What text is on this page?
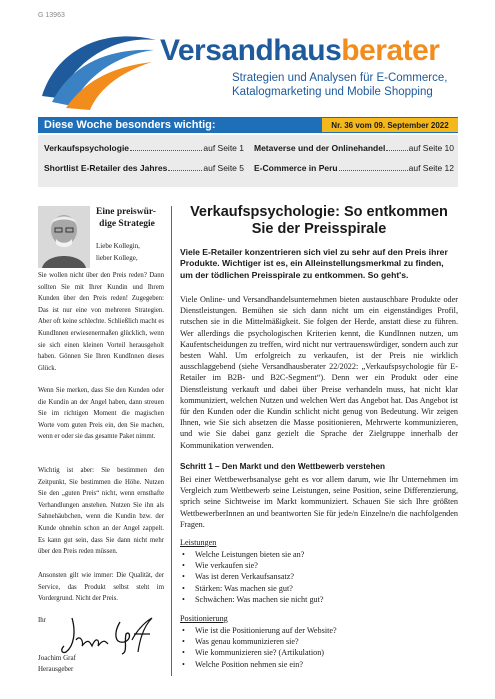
G 13963
Versandhausberater
Strategien und Analysen für E-Commerce,
Katalogmarketing und Mobile Shopping
Diese Woche besonders wichtig:	Nr. 36 vom 09. September 2022
Verkaufspsychologie	auf Seite 1 Metaverse und der Onlinehandel	auf Seite 10
Shortlist E-Retailer des Jahres	auf Seite 5 E-Commerce in Peru	auf Seite 12
Eine preiswür-
dige Strategie
Liebe Kollegin,
lieber Kollege,
Sie wollen nicht über den Preis reden? Dann sollten Sie mit Ihrer Kundin und Ihrem Kunden über den Preis reden! Zugegeben: Das ist nur eine von mehreren Strategien. Aber oft keine schlechte. Schließlich macht es KundInnen erwiesenermaßen glücklich, wenn sie sich einen kleinen Vorteil herausgeholt haben. Gönnen Sie Ihren KundInnen dieses Glück.
Wenn Sie merken, dass Sie den Kunden oder die Kundin an der Angel haben, dann streuen Sie im richtigen Moment die magischen Worte vom guten Preis ein, den Sie machen, wenn er oder sie das gesamte Paket nimmt.
Wichtig ist aber: Sie bestimmen den Zeitpunkt, Sie bestimmen die Höhe. Nutzen Sie den „guten Preis“ nicht, wenn ernsthafte Verhandlungen anstehen. Nutzen Sie ihn als Sahnehäubchen, wenn die Kundin bzw. der Kunde ohnehin schon an der Angel zappelt. Es kann gut sein, dass Sie dann nicht mehr über den Preis reden müssen.
Ansonsten gilt wie immer: Die Qualität, der Service, das Produkt selbst steht im Vordergrund. Nicht der Preis.
Ihr
Joachim Graf
Herausgeber
Verkaufspsychologie: So entkommen
Sie der Preisspirale
Viele E-Retailer konzentrieren sich viel zu sehr auf den Preis ihrer Produkte. Wichtiger ist es, ein Alleinstellungsmerkmal zu finden, um der tödlichen Preisspirale zu entkommen. So geht's.
Viele Online- und Versandhandelsunternehmen bieten austauschbare Produkte oder Dienstleistungen. Bemühen sie sich dann nicht um ein eigenständiges Profil, rutschen sie in die Mittelmäßigkeit. Sie folgen der Herde, anstatt diese zu führen. Wer allerdings die psychologischen Kriterien kennt, die KundInnen nutzen, um Kaufentscheidungen zu treffen, wird nicht nur vertrauenswürdiger, sondern auch zur besten Wahl. Um erfolgreich zu verkaufen, ist der Preis nie wirklich ausschlaggebend (siehe Versandhausberater 22/2022: „Verkaufspsychologie für E-Retailer im B2B- und B2C-Segment“). Denn wer ein Produkt oder eine Dienstleistung verkauft und dabei über Preise verhandeln muss, hat nicht klar kommuniziert, welchen Nutzen und welchen Wert das Angebot hat. Das Angebot ist für den Kunden oder die Kundin schlicht nicht genug von Bedeutung. Wir zeigen Ihnen, wie Sie sich absetzen die Masse positionieren, Mehrwerte kommunizieren, und wie Sie dabei ganz gezielt die Sprache der Zielgruppe innerhalb der Kommunikation verwenden.
Schritt 1 – Den Markt und den Wettbewerb verstehen
Bei einer Wettbewerbsanalyse geht es vor allem darum, wie Ihr Unternehmen im Vergleich zum Wettbewerb seine Leistungen, seine Position, seine Differenzierung, sprich seine Sichtweise im Markt kommuniziert. Schauen Sie sich Ihre größten WettbewerberInnen an und beantworten Sie für jede/n Einzelne/n die nachfolgenden Fragen.
Leistungen
• Welche Leistungen bieten sie an?
• Wie verkaufen sie?
• Was ist deren Verkaufsansatz?
• Stärken: Was machen sie gut?
• Schwächen: Was machen sie nicht gut?
Positionierung
• Wie ist die Positionierung auf der Website?
• Was genau kommunizieren sie?
• Wie kommunizieren sie? (Artikulation)
• Welche Position nehmen sie ein?
